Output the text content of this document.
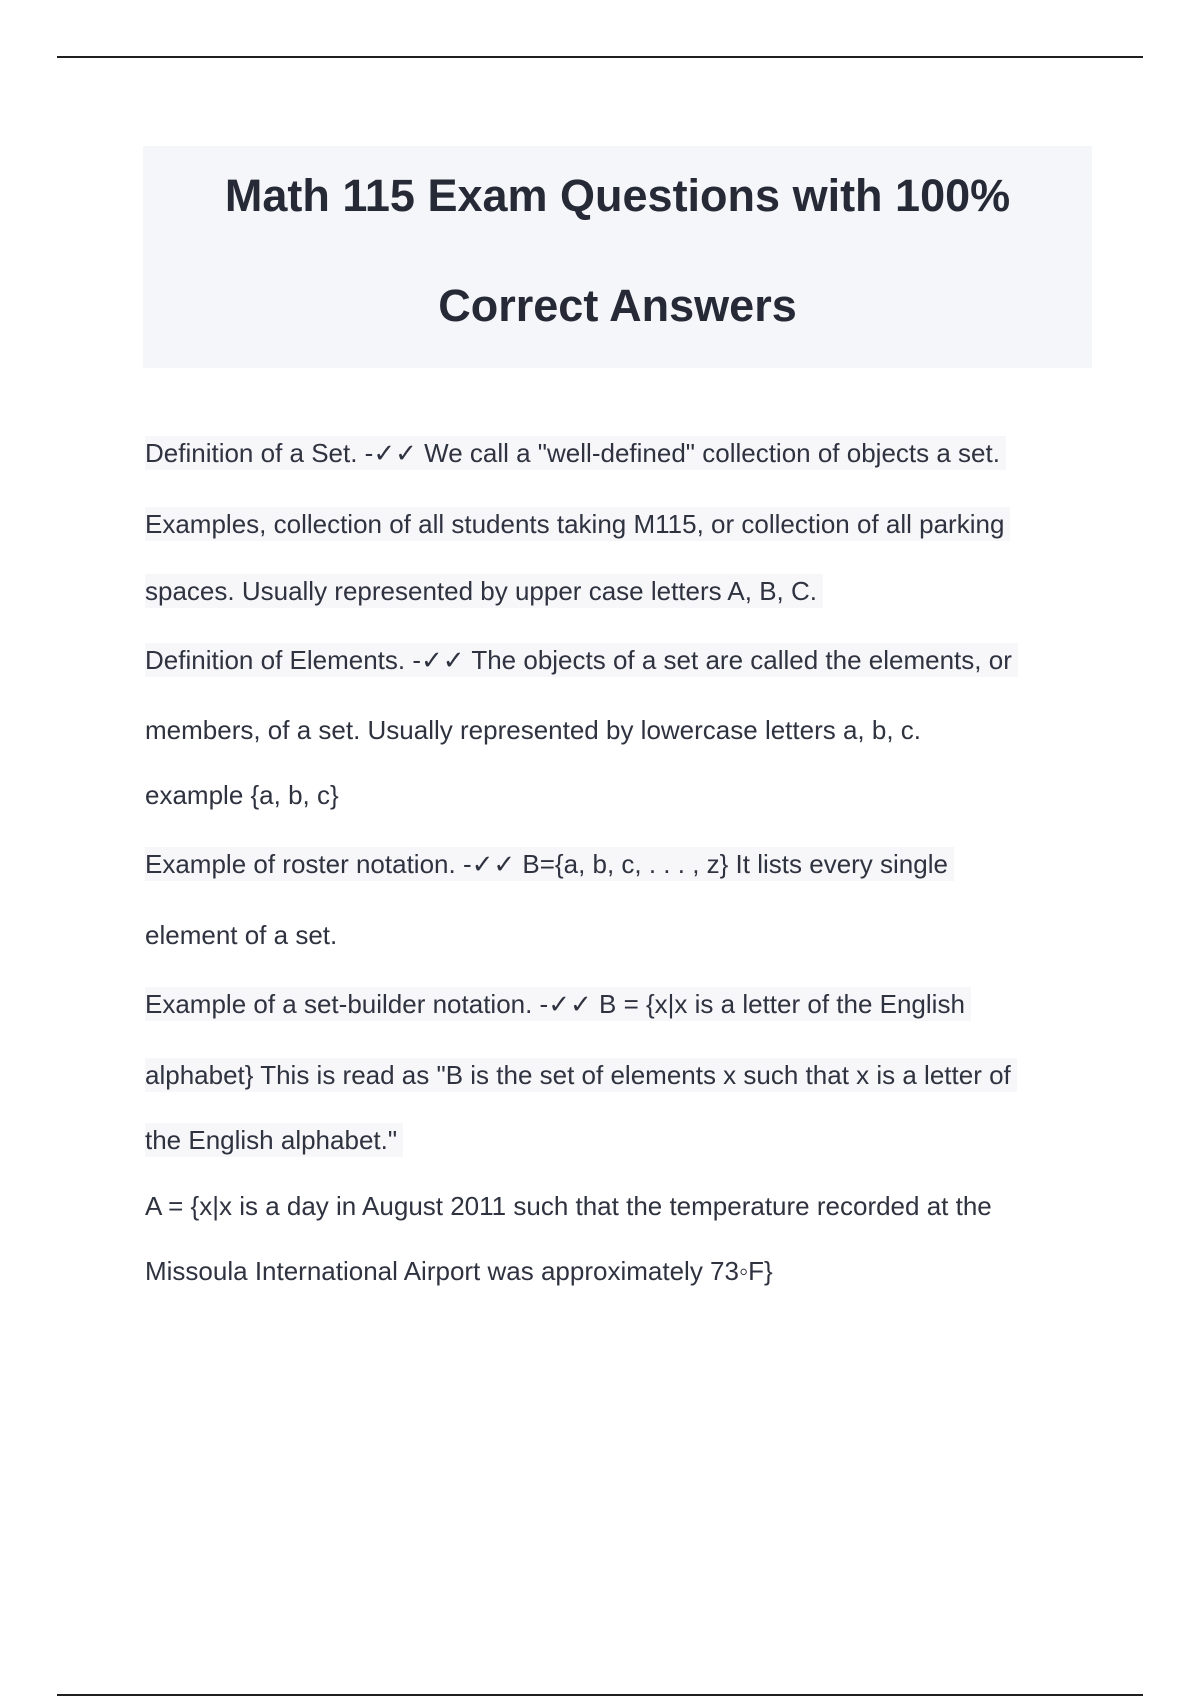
Math 115 Exam Questions with 100%
Correct Answers
Definition of a Set. -✓✓ We call a "well-defined" collection of objects a set.
Examples, collection of all students taking M115, or collection of all parking
spaces. Usually represented by upper case letters A, B, C.
Definition of Elements. -✓✓ The objects of a set are called the elements, or
members, of a set. Usually represented by lowercase letters a, b, c.
example {a, b, c}
Example of roster notation. -✓✓ B={a, b, c, . . . , z} It lists every single
element of a set.
Example of a set-builder notation. -✓✓ B = {x|x is a letter of the English
alphabet} This is read as "B is the set of elements x such that x is a letter of
the English alphabet."
A = {x|x is a day in August 2011 such that the temperature recorded at the
Missoula International Airport was approximately 73◦F}
